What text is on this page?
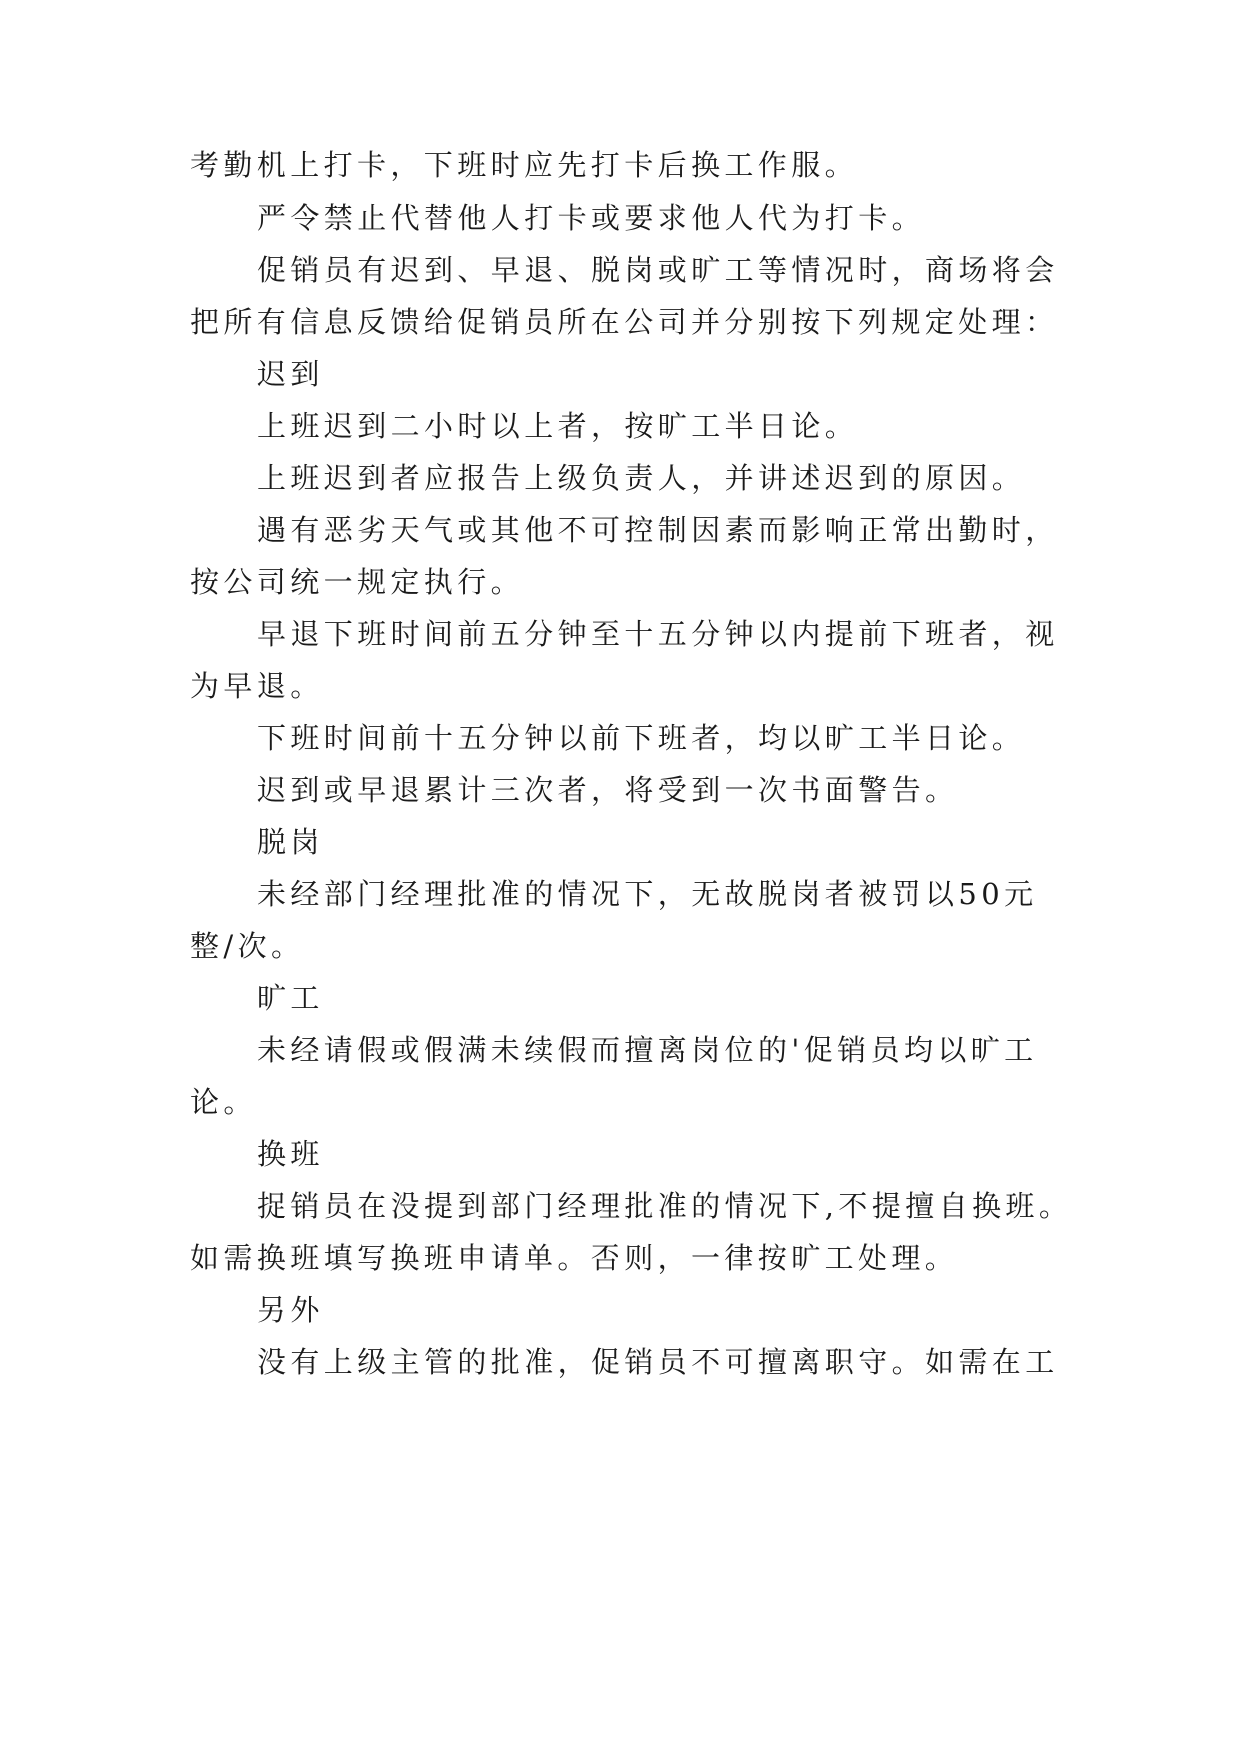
考勤机上打卡，下班时应先打卡后换工作服。
严令禁止代替他人打卡或要求他人代为打卡。
促销员有迟到、早退、脱岗或旷工等情况时，商场将会
把所有信息反馈给促销员所在公司并分别按下列规定处理：
迟到
上班迟到二小时以上者，按旷工半日论。
上班迟到者应报告上级负责人，并讲述迟到的原因。
遇有恶劣天气或其他不可控制因素而影响正常出勤时，
按公司统一规定执行。
早退下班时间前五分钟至十五分钟以内提前下班者，视
为早退。
下班时间前十五分钟以前下班者，均以旷工半日论。
迟到或早退累计三次者，将受到一次书面警告。
脱岗
未经部门经理批准的情况下，无故脱岗者被罚以50元
整/次。
旷工
未经请假或假满未续假而擅离岗位的'促销员均以旷工
论。
换班
捉销员在没提到部门经理批准的情况下,不提擅自换班。
如需换班填写换班申请单。否则，一律按旷工处理。
另外
没有上级主管的批准，促销员不可擅离职守。如需在工
